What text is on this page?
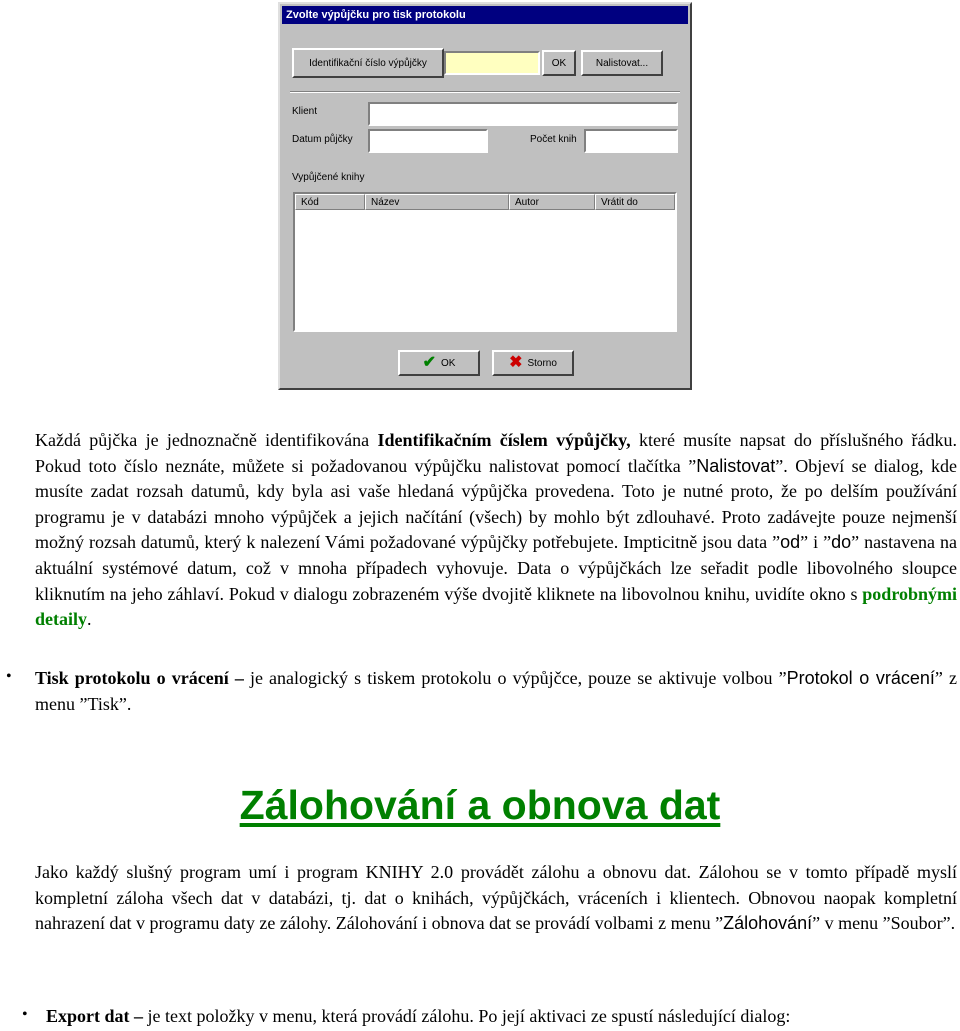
Zvolte výpůjčku pro tisk protokolu
Identifikační číslo výpůjčky	OK	Nalistovat...
Klient
Datum půjčky	Počet knih
Vypůjčené knihy
Kód	Název	Autor	Vrátit do
✔ OK	✖ Storno

Každá půjčka je jednoznačně identifikována Identifikačním číslem výpůjčky, které musíte napsat do příslušného řádku. Pokud toto číslo neznáte, můžete si požadovanou výpůjčku nalistovat pomocí tlačítka ”Nalistovat”. Objeví se dialog, kde musíte zadat rozsah datumů, kdy byla asi vaše hledaná výpůjčka provedena. Toto je nutné proto, že po delším používání programu je v databázi mnoho výpůjček a jejich načítání (všech) by mohlo být zdlouhavé. Proto zadávejte pouze nejmenší možný rozsah datumů, který k nalezení Vámi požadované výpůjčky potřebujete. Impticitně jsou data ”od” i ”do” nastavena na aktuální systémové datum, což v mnoha případech vyhovuje. Data o výpůjčkách lze seřadit podle libovolného sloupce kliknutím na jeho záhlaví. Pokud v dialogu zobrazeném výše dvojitě kliknete na libovolnou knihu, uvidíte okno s podrobnými detaily.

• Tisk protokolu o vrácení – je analogický s tiskem protokolu o výpůjčce, pouze se aktivuje volbou ”Protokol o vrácení” z menu ”Tisk”.

Zálohování a obnova dat

Jako každý slušný program umí i program KNIHY 2.0 provádět zálohu a obnovu dat. Zálohou se v tomto případě myslí kompletní záloha všech dat v databázi, tj. dat o knihách, výpůjčkách, vráceních i klientech. Obnovou naopak kompletní nahrazení dat v programu daty ze zálohy. Zálohování i obnova dat se provádí volbami z menu ”Zálohování” v menu ”Soubor”.

• Export dat – je text položky v menu, která provádí zálohu. Po její aktivaci ze spustí následující dialog:
